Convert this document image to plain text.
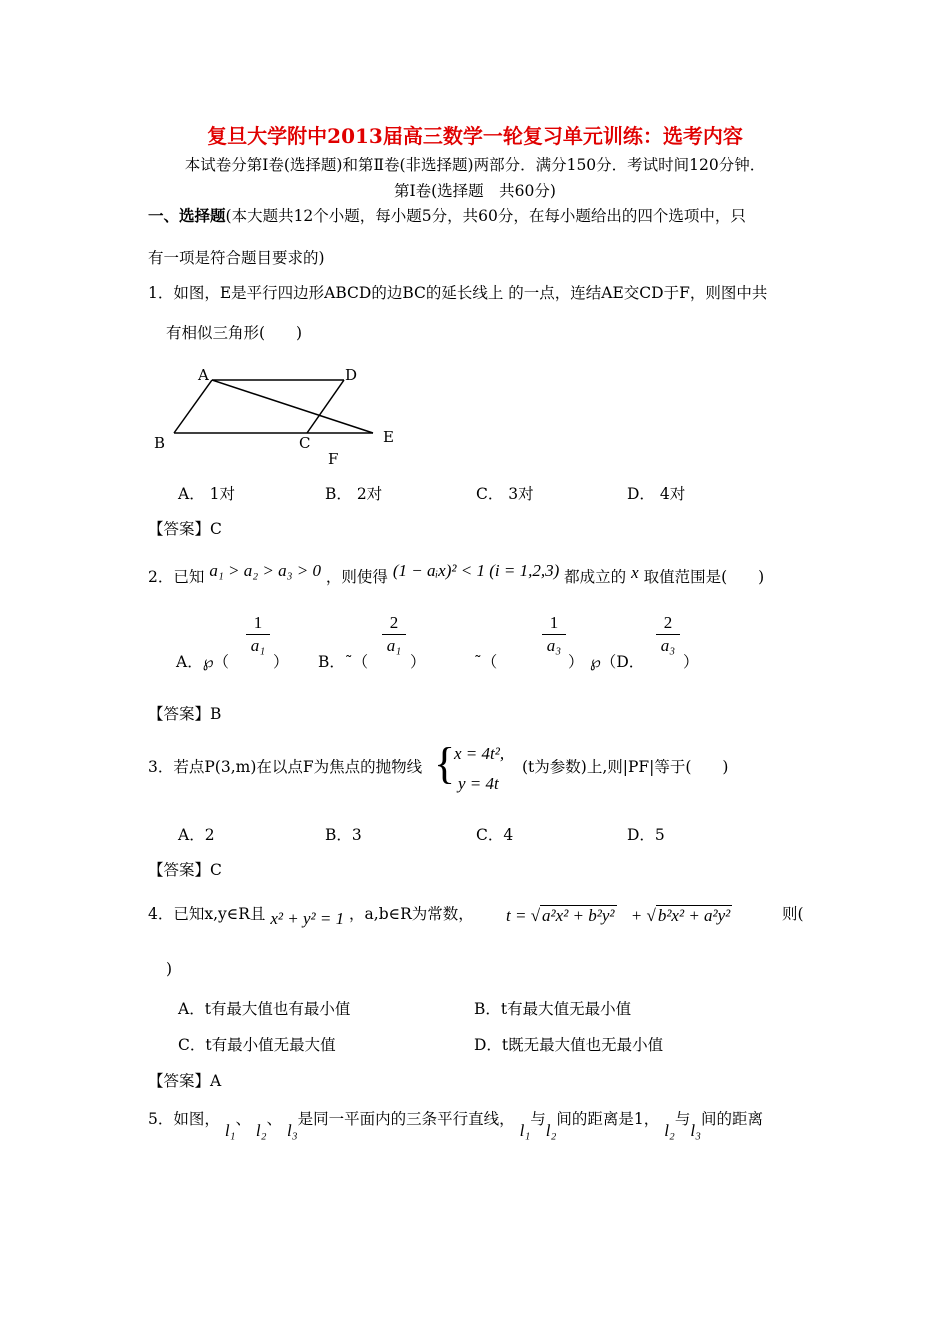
复旦大学附中2013届高三数学一轮复习单元训练：选考内容
本试卷分第Ⅰ卷(选择题)和第Ⅱ卷(非选择题)两部分．满分150分．考试时间120分钟．
第Ⅰ卷(选择题　共60分)
一、选择题(本大题共12个小题，每小题5分，共60分，在每小题给出的四个选项中，只
有一项是符合题目要求的)
1．如图，E是平行四边形ABCD的边BC的延长线上 的一点，连结AE交CD于F，则图中共
有相似三角形(　　)
A	D
B	C	E
F
A． 1对	B． 2对	C． 3对	D． 4对
【答案】C
2．已知 a₁ > a₂ > a₃ > 0 ，则使得 (1 − aᵢx)² < 1 (i = 1,2,3) 都成立的 x 取值范围是(　　)
A．℘（
1
a₁
） B．˜（
2
a₁
）	˜（
1
a₃
） ℘（D．
2
a₃
）
【答案】B
3．若点P(3,m)在以点F为焦点的抛物线 {
x = 4t²,
y = 4t
(t为参数)上,则|PF|等于(　　)
A．2	B．3	C．4	D．5
【答案】C
4．已知x,y∈R且 x² + y² = 1 ，a,b∈R为常数， t = √ a²x² + b²y² + √ b²x² + a²y²	则(
)
A．t有最大值也有最小值	B．t有最大值无最小值
C．t有最小值无最大值	D．t既无最大值也无最小值
【答案】A
5．如图， l₁、 l₂、 l₃是同一平面内的三条平行直线， l₁与l₂间的距离是1， l₂与l₃间的距离
